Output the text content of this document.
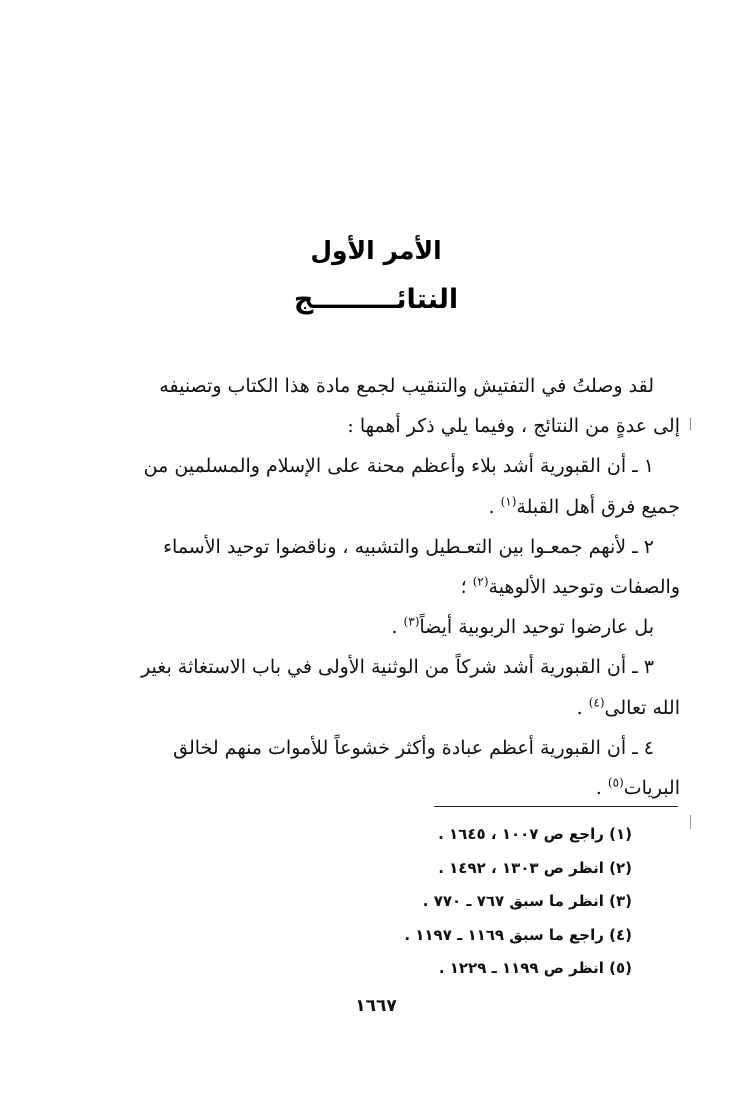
الأمر الأول
النتائـــــــــج

لقد وصلتُ في التفتيش والتنقيب لجمع مادة هذا الكتاب وتصنيفه

إلى عدةٍ من النتائج ، وفيما يلي ذكر أهمها :

١ ـ أن القبورية أشد بلاء وأعظم محنة على الإسلام والمسلمين من

جميع فرق أهل القبلة$^{(١)}$ .

٢ ـ لأنهم جمعـوا بين التعـطيل والتشبيه ، وناقضوا توحيد الأسماء

والصفات وتوحيد الألوهية$^{(٢)}$ ؛

بل عارضوا توحيد الربوبية أيضاً$^{(٣)}$ .

٣ ـ أن القبورية أشد شركاً من الوثنية الأولى في باب الاستغاثة بغير

الله تعالى$^{(٤)}$ .

٤ ـ أن القبورية أعظم عبادة وأكثر خشوعاً للأموات منهم لخالق

البريات$^{(٥)}$ .

(١) راجع ص ١٠٠٧ ، ١٦٤٥ .
(٢) انظر ص ١٣٠٣ ، ١٤٩٢ .
(٣) انظر ما سبق ٧٦٧ ـ ٧٧٠ .
(٤) راجع ما سبق ١١٦٩ ـ ١١٩٧ .
(٥) انظر ص ١١٩٩ ـ ١٢٢٩ .
١٦٦٧
